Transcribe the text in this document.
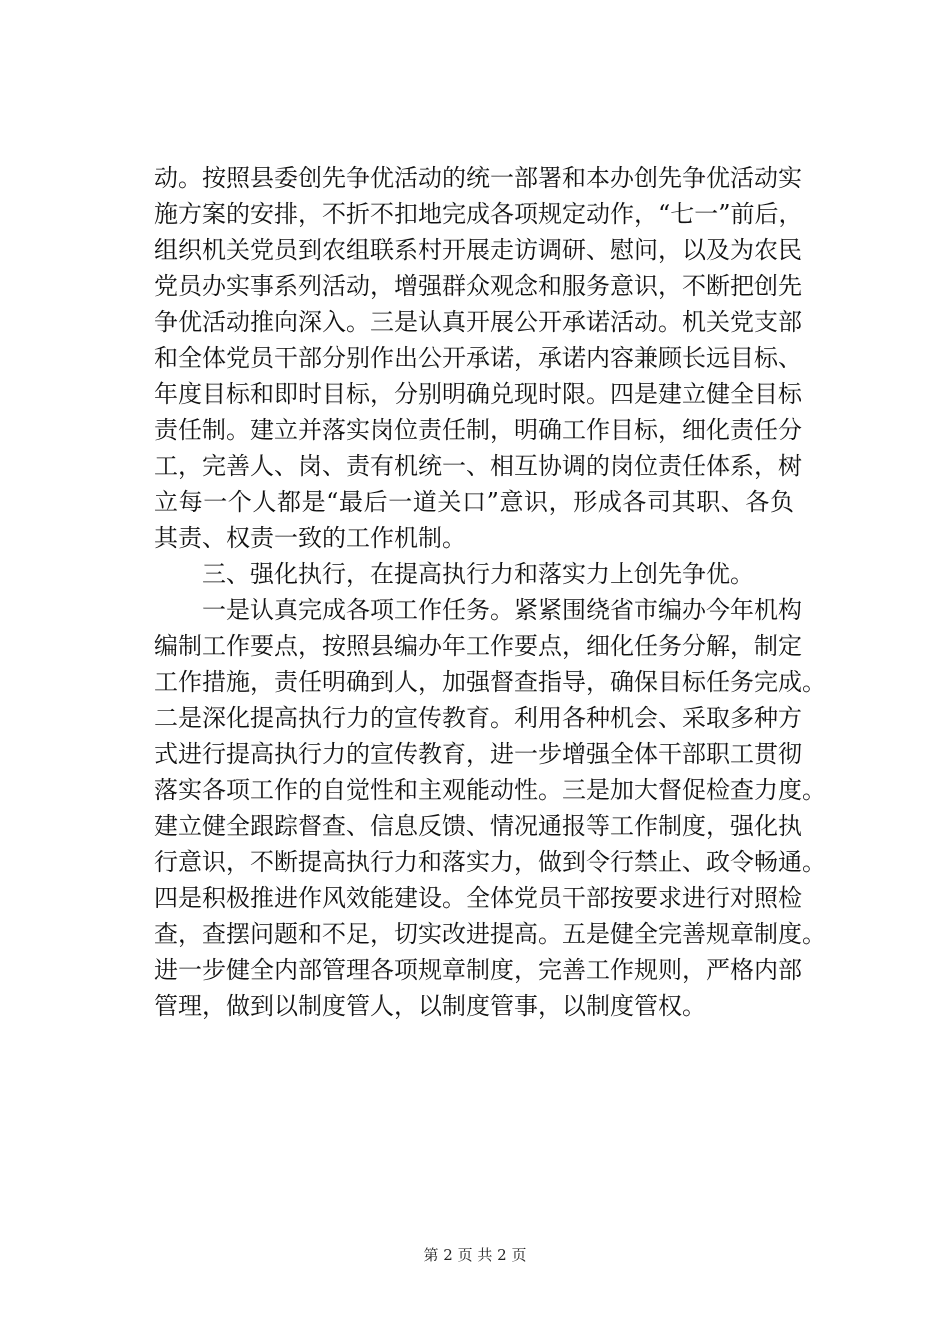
动。按照县委创先争优活动的统一部署和本办创先争优活动实
施方案的安排，不折不扣地完成各项规定动作，“七一”前后，
组织机关党员到农组联系村开展走访调研、慰问，以及为农民
党员办实事系列活动，增强群众观念和服务意识，不断把创先
争优活动推向深入。三是认真开展公开承诺活动。机关党支部
和全体党员干部分别作出公开承诺，承诺内容兼顾长远目标、
年度目标和即时目标，分别明确兑现时限。四是建立健全目标
责任制。建立并落实岗位责任制，明确工作目标，细化责任分
工，完善人、岗、责有机统一、相互协调的岗位责任体系，树
立每一个人都是“最后一道关口”意识，形成各司其职、各负
其责、权责一致的工作机制。
　　三、强化执行，在提高执行力和落实力上创先争优。
　　一是认真完成各项工作任务。紧紧围绕省市编办今年机构
编制工作要点，按照县编办年工作要点，细化任务分解，制定
工作措施，责任明确到人，加强督查指导，确保目标任务完成。
二是深化提高执行力的宣传教育。利用各种机会、采取多种方
式进行提高执行力的宣传教育，进一步增强全体干部职工贯彻
落实各项工作的自觉性和主观能动性。三是加大督促检查力度。
建立健全跟踪督查、信息反馈、情况通报等工作制度，强化执
行意识，不断提高执行力和落实力，做到令行禁止、政令畅通。
四是积极推进作风效能建设。全体党员干部按要求进行对照检
查，查摆问题和不足，切实改进提高。五是健全完善规章制度。
进一步健全内部管理各项规章制度，完善工作规则，严格内部
管理，做到以制度管人，以制度管事，以制度管权。
第 2 页 共 2 页
